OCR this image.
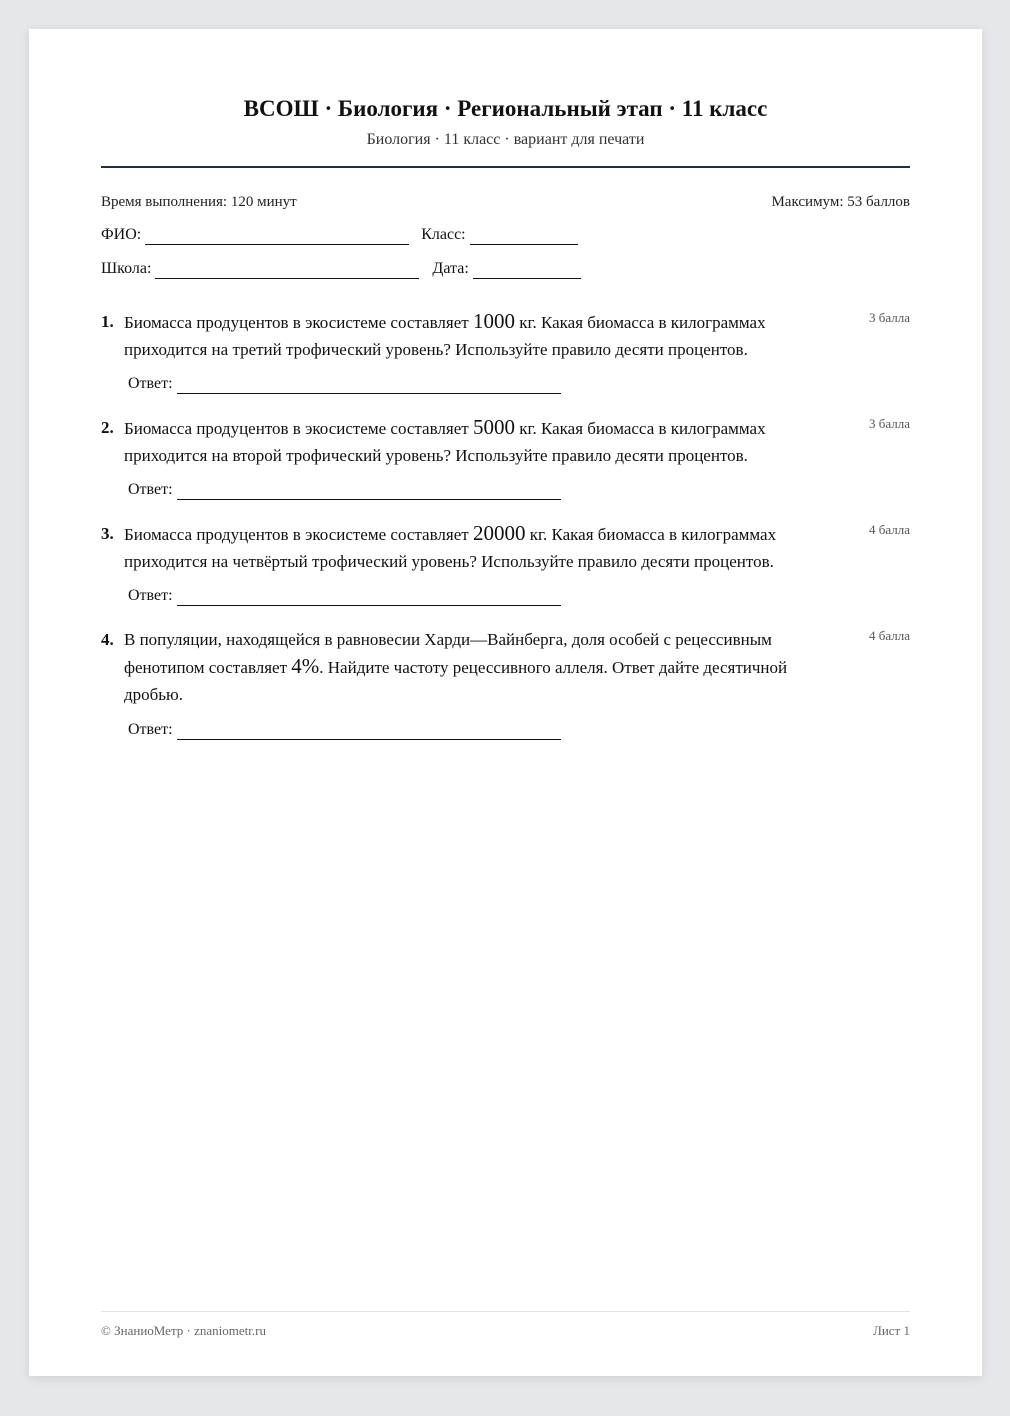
ВСОШ · Биология · Региональный этап · 11 класс
Биология · 11 класс · вариант для печати
Время выполнения: 120 минут	Максимум: 53 баллов
ФИО:	Класс:
Школа:	Дата:
1. Биомасса продуцентов в экосистеме составляет 1000 кг. Какая биомасса в килограммах приходится на третий трофический уровень? Используйте правило десяти процентов.
3 балла
Ответ:
2. Биомасса продуцентов в экосистеме составляет 5000 кг. Какая биомасса в килограммах приходится на второй трофический уровень? Используйте правило десяти процентов.
3 балла
Ответ:
3. Биомасса продуцентов в экосистеме составляет 20000 кг. Какая биомасса в килограммах приходится на четвёртый трофический уровень? Используйте правило десяти процентов.
4 балла
Ответ:
4. В популяции, находящейся в равновесии Харди—Вайнберга, доля особей с рецессивным фенотипом составляет 4%. Найдите частоту рецессивного аллеля. Ответ дайте десятичной дробью.
4 балла
Ответ:
© ЗнаниоМетр · znaniometr.ru	Лист 1
